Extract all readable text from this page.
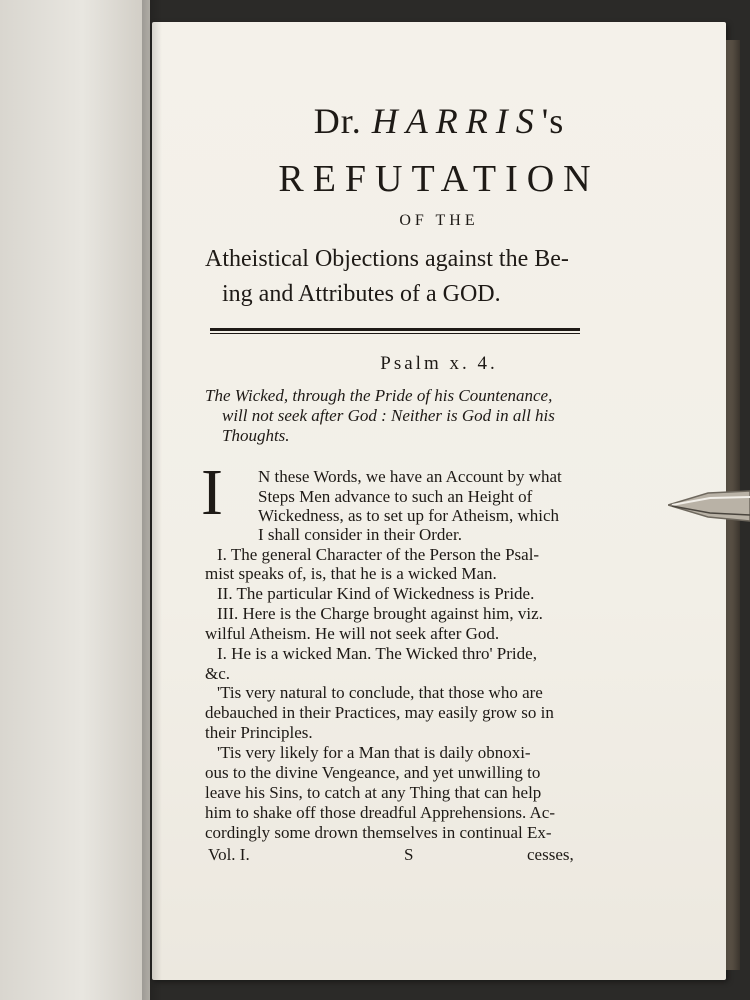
Dr. HARRIS's
REFUTATION
OF THE
Atheistical Objections against the Be-
ing and Attributes of a GOD.
Psalm x. 4.
The Wicked, through the Pride of his Countenance,
will not seek after God : Neither is God in all his
Thoughts.
I N these Words, we have an Account by what
Steps Men advance to such an Height of
Wickedness, as to set up for Atheism, which
I shall consider in their Order.
I. The general Character of the Person the Psal-
mist speaks of, is, that he is a wicked Man.
II. The particular Kind of Wickedness is Pride.
III. Here is the Charge brought against him, viz.
wilful Atheism. He will not seek after God.
I. He is a wicked Man. The Wicked thro' Pride,
&c.
'Tis very natural to conclude, that those who are
debauched in their Practices, may easily grow so in
their Principles.
'Tis very likely for a Man that is daily obnoxi-
ous to the divine Vengeance, and yet unwilling to
leave his Sins, to catch at any Thing that can help
him to shake off those dreadful Apprehensions. Ac-
cordingly some drown themselves in continual Ex-
Vol. I.	S	cesses,
